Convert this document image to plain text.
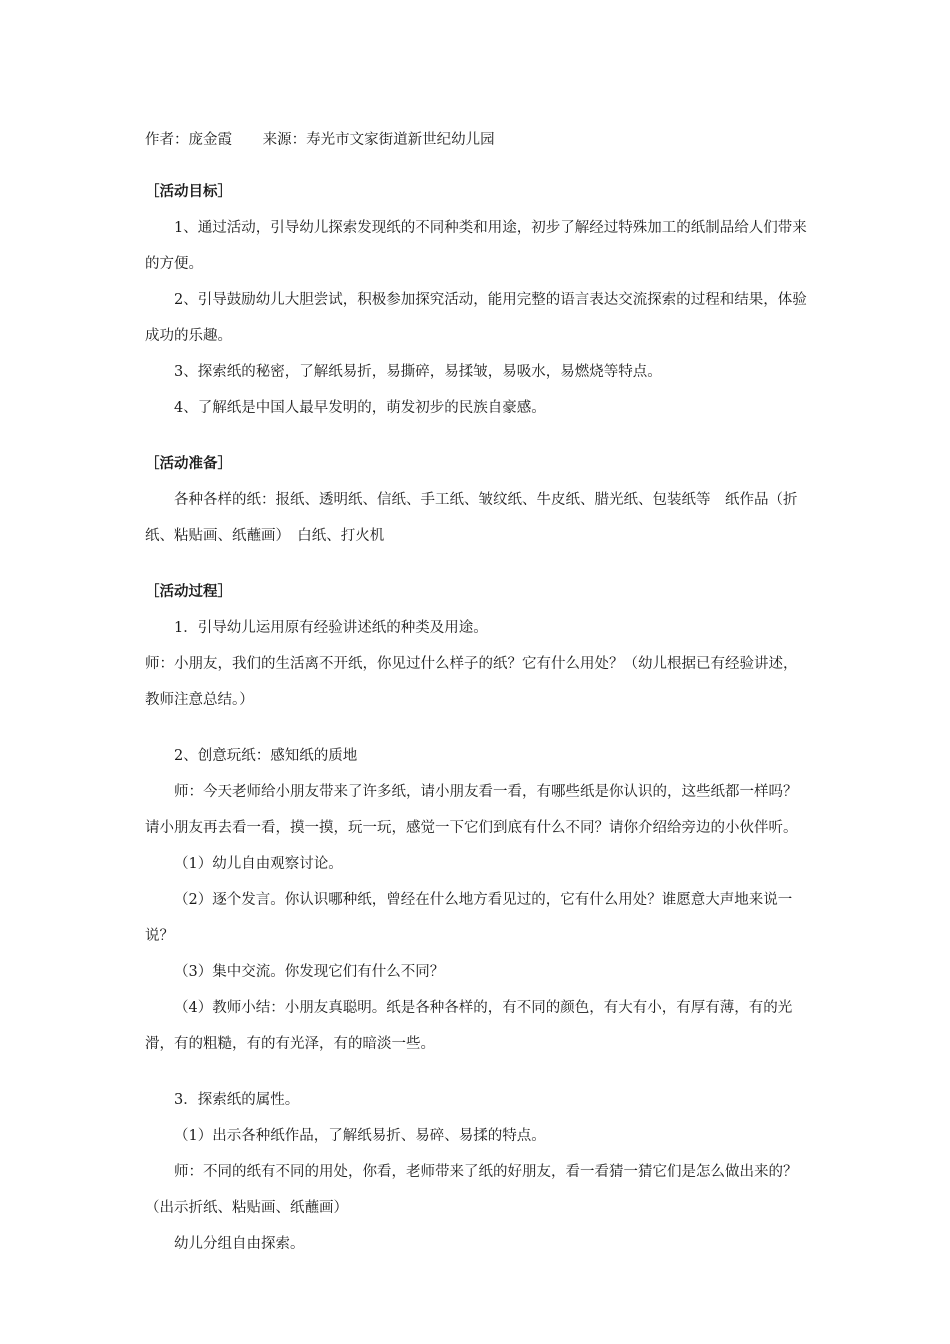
作者：庞金霞 来源：寿光市文家街道新世纪幼儿园

［活动目标］

1、通过活动，引导幼儿探索发现纸的不同种类和用途，初步了解经过特殊加工的纸制品给人们带来的方便。

2、引导鼓励幼儿大胆尝试，积极参加探究活动，能用完整的语言表达交流探索的过程和结果，体验成功的乐趣。

3、探索纸的秘密，了解纸易折，易撕碎，易揉皱，易吸水，易燃烧等特点。

4、了解纸是中国人最早发明的，萌发初步的民族自豪感。

［活动准备］

各种各样的纸：报纸、透明纸、信纸、手工纸、皱纹纸、牛皮纸、腊光纸、包装纸等　纸作品（折纸、粘贴画、纸蘸画）　白纸、打火机

［活动过程］

1．引导幼儿运用原有经验讲述纸的种类及用途。

师：小朋友，我们的生活离不开纸，你见过什么样子的纸？它有什么用处？（幼儿根据已有经验讲述，教师注意总结。）

2、创意玩纸：感知纸的质地

师：今天老师给小朋友带来了许多纸，请小朋友看一看，有哪些纸是你认识的，这些纸都一样吗？请小朋友再去看一看，摸一摸，玩一玩，感觉一下它们到底有什么不同？请你介绍给旁边的小伙伴听。

（1）幼儿自由观察讨论。

（2）逐个发言。你认识哪种纸，曾经在什么地方看见过的，它有什么用处？谁愿意大声地来说一说？

（3）集中交流。你发现它们有什么不同？

（4）教师小结：小朋友真聪明。纸是各种各样的，有不同的颜色，有大有小，有厚有薄，有的光滑，有的粗糙，有的有光泽，有的暗淡一些。

3．探索纸的属性。

（1）出示各种纸作品，了解纸易折、易碎、易揉的特点。

师：不同的纸有不同的用处，你看，老师带来了纸的好朋友，看一看猜一猜它们是怎么做出来的？（出示折纸、粘贴画、纸蘸画）

幼儿分组自由探索。
